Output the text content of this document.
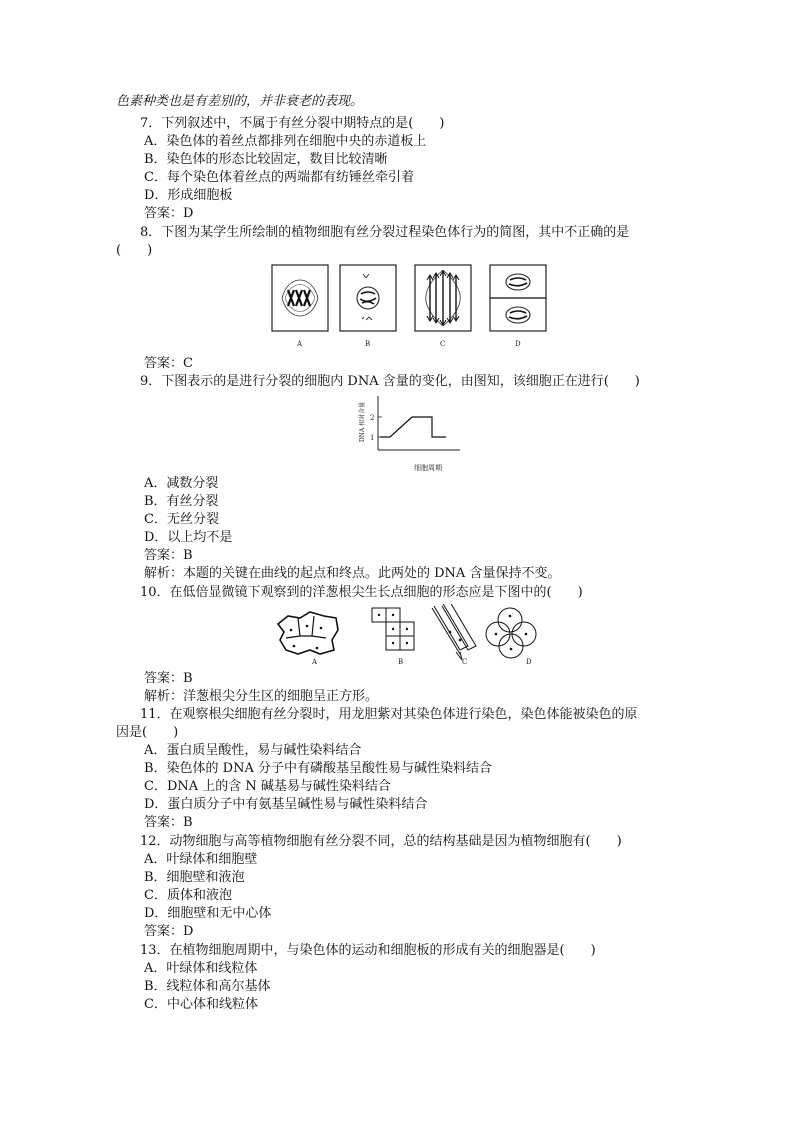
色素种类也是有差别的，并非衰老的表现。
7．下列叙述中，不属于有丝分裂中期特点的是(　　)
A．染色体的着丝点都排列在细胞中央的赤道板上
B．染色体的形态比较固定，数目比较清晰
C．每个染色体着丝点的两端都有纺锤丝牵引着
D．形成细胞板
答案：D
8．下图为某学生所绘制的植物细胞有丝分裂过程染色体行为的简图，其中不正确的是
(　　)
A	B	C	D
答案：C
9．下图表示的是进行分裂的细胞内 DNA 含量的变化，由图知，该细胞正在进行(　　)
DNA 相对含量 2
1
细胞周期
A．减数分裂
B．有丝分裂
C．无丝分裂
D．以上均不是
答案：B
解析：本题的关键在曲线的起点和终点。此两处的 DNA 含量保持不变。
10．在低倍显微镜下观察到的洋葱根尖生长点细胞的形态应是下图中的(　　)
A	B	C	D
答案：B
解析：洋葱根尖分生区的细胞呈正方形。
11．在观察根尖细胞有丝分裂时，用龙胆紫对其染色体进行染色，染色体能被染色的原
因是(　　)
A．蛋白质呈酸性，易与碱性染料结合
B．染色体的 DNA 分子中有磷酸基呈酸性易与碱性染料结合
C．DNA 上的含 N 碱基易与碱性染料结合
D．蛋白质分子中有氨基呈碱性易与碱性染料结合
答案：B
12．动物细胞与高等植物细胞有丝分裂不同，总的结构基础是因为植物细胞有(　　)
A．叶绿体和细胞壁
B．细胞壁和液泡
C．质体和液泡
D．细胞壁和无中心体
答案：D
13．在植物细胞周期中，与染色体的运动和细胞板的形成有关的细胞器是(　　)
A．叶绿体和线粒体
B．线粒体和高尔基体
C．中心体和线粒体
